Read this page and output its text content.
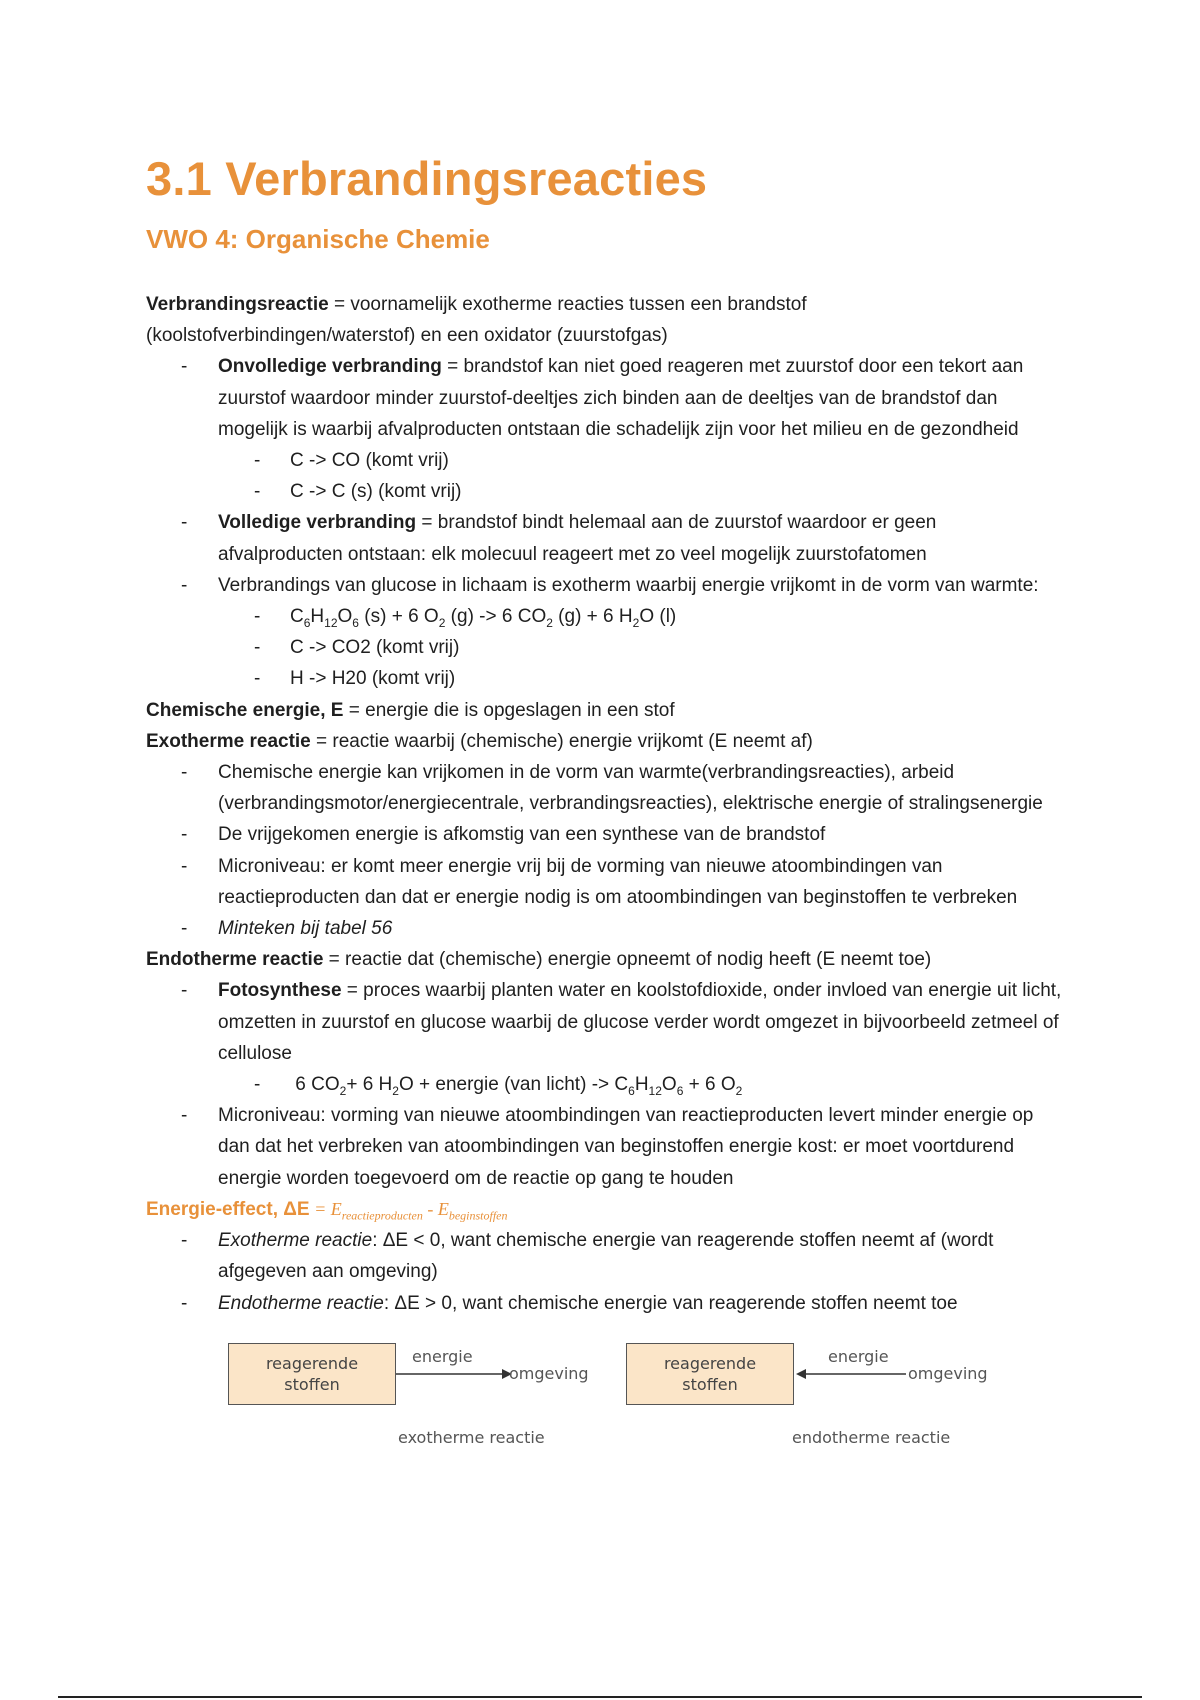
3.1 Verbrandingsreacties
VWO 4: Organische Chemie

Verbrandingsreactie = voornamelijk exotherme reacties tussen een brandstof
(koolstofverbindingen/waterstof) en een oxidator (zuurstofgas)

- Onvolledige verbranding = brandstof kan niet goed reageren met zuurstof door een tekort aan zuurstof waardoor minder zuurstof-deeltjes zich binden aan de deeltjes van de brandstof dan mogelijk is waarbij afvalproducten ontstaan die schadelijk zijn voor het milieu en de gezondheid
- C -> CO (komt vrij)
- C -> C (s) (komt vrij)
- Volledige verbranding = brandstof bindt helemaal aan de zuurstof waardoor er geen afvalproducten ontstaan: elk molecuul reageert met zo veel mogelijk zuurstofatomen
- Verbrandings van glucose in lichaam is exotherm waarbij energie vrijkomt in de vorm van warmte:
- $C_6H_{12}O_6$ (s) + 6 $O_2$ (g) -> 6 $CO_2$ (g) + 6 $H_2O$ (l)
- C -> CO2 (komt vrij)
- H -> H20 (komt vrij)

Chemische energie, E = energie die is opgeslagen in een stof

Exotherme reactie = reactie waarbij (chemische) energie vrijkomt (E neemt af)

- Chemische energie kan vrijkomen in de vorm van warmte(verbrandingsreacties), arbeid (verbrandingsmotor/energiecentrale, verbrandingsreacties), elektrische energie of stralingsenergie
- De vrijgekomen energie is afkomstig van een synthese van de brandstof
- Microniveau: er komt meer energie vrij bij de vorming van nieuwe atoombindingen van reactieproducten dan dat er energie nodig is om atoombindingen van beginstoffen te verbreken
- Minteken bij tabel 56

Endotherme reactie = reactie dat (chemische) energie opneemt of nodig heeft (E neemt toe)

- Fotosynthese = proces waarbij planten water en koolstofdioxide, onder invloed van energie uit licht, omzetten in zuurstof en glucose waarbij de glucose verder wordt omgezet in bijvoorbeeld zetmeel of cellulose
- 6 $CO_2+ 6$ $H_2O$ + energie (van licht) -> $C_6H_{12}O_6 + 6$ $O_2$
- Microniveau: vorming van nieuwe atoombindingen van reactieproducten levert minder energie op dan dat het verbreken van atoombindingen van beginstoffen energie kost: er moet voortdurend energie worden toegevoerd om de reactie op gang te houden

Energie-effect, $\Delta E = E_{reactieproducten} - E_{beginstoffen}$

- Exotherme reactie: ΔE < 0, want chemische energie van reagerende stoffen neemt af (wordt afgegeven aan omgeving)
- Endotherme reactie: ΔE > 0, want chemische energie van reagerende stoffen neemt toe
reagerende
stoffen
energie
omgeving
exotherme reactie
reagerende
stoffen
energie
omgeving
endotherme reactie
